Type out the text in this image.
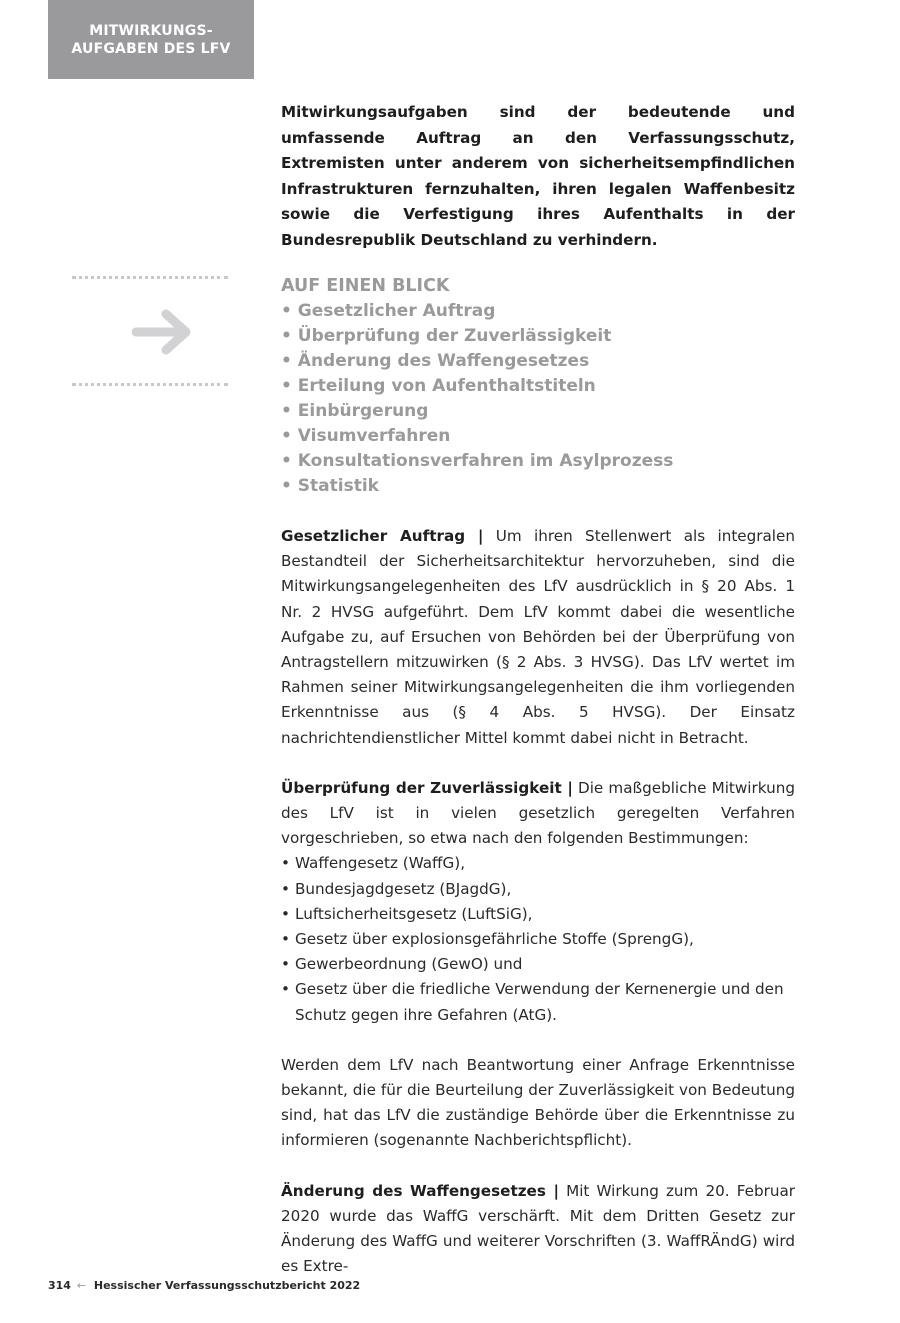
MITWIRKUNGS-
AUFGABEN DES LFV

Mitwirkungsaufgaben sind der bedeutende und umfassende Auftrag an den Verfassungsschutz, Extremisten unter anderem von sicherheitsempfindlichen Infrastrukturen fernzuhalten, ihren legalen Waffenbesitz sowie die Verfestigung ihres Aufenthalts in der Bundesrepublik Deutschland zu verhindern.

AUF EINEN BLICK
• Gesetzlicher Auftrag
• Überprüfung der Zuverlässigkeit
• Änderung des Waffengesetzes
• Erteilung von Aufenthaltstiteln
• Einbürgerung
• Visumverfahren
• Konsultationsverfahren im Asylprozess
• Statistik

Gesetzlicher Auftrag | Um ihren Stellenwert als integralen Bestandteil der Sicherheitsarchitektur hervorzuheben, sind die Mitwirkungsangelegenheiten des LfV ausdrücklich in § 20 Abs. 1 Nr. 2 HVSG aufgeführt. Dem LfV kommt dabei die wesentliche Aufgabe zu, auf Ersuchen von Behörden bei der Überprüfung von Antragstellern mitzuwirken (§ 2 Abs. 3 HVSG). Das LfV wertet im Rahmen seiner Mitwirkungsangelegenheiten die ihm vorliegenden Erkenntnisse aus (§ 4 Abs. 5 HVSG). Der Einsatz nachrichtendienstlicher Mittel kommt dabei nicht in Betracht.

Überprüfung der Zuverlässigkeit | Die maßgebliche Mitwirkung des LfV ist in vielen gesetzlich geregelten Verfahren vorgeschrieben, so etwa nach den folgenden Bestimmungen:

• Waffengesetz (WaffG),
• Bundesjagdgesetz (BJagdG),
• Luftsicherheitsgesetz (LuftSiG),
• Gesetz über explosionsgefährliche Stoffe (SprengG),
• Gewerbeordnung (GewO) und
• Gesetz über die friedliche Verwendung der Kernenergie und den Schutz gegen ihre Gefahren (AtG).

Werden dem LfV nach Beantwortung einer Anfrage Erkenntnisse bekannt, die für die Beurteilung der Zuverlässigkeit von Bedeutung sind, hat das LfV die zuständige Behörde über die Erkenntnisse zu informieren (sogenannte Nachberichtspflicht).

Änderung des Waffengesetzes | Mit Wirkung zum 20. Februar 2020 wurde das WaffG verschärft. Mit dem Dritten Gesetz zur Änderung des WaffG und weiterer Vorschriften (3. WaffRÄndG) wird es Extre-

314 ← Hessischer Verfassungsschutzbericht 2022
